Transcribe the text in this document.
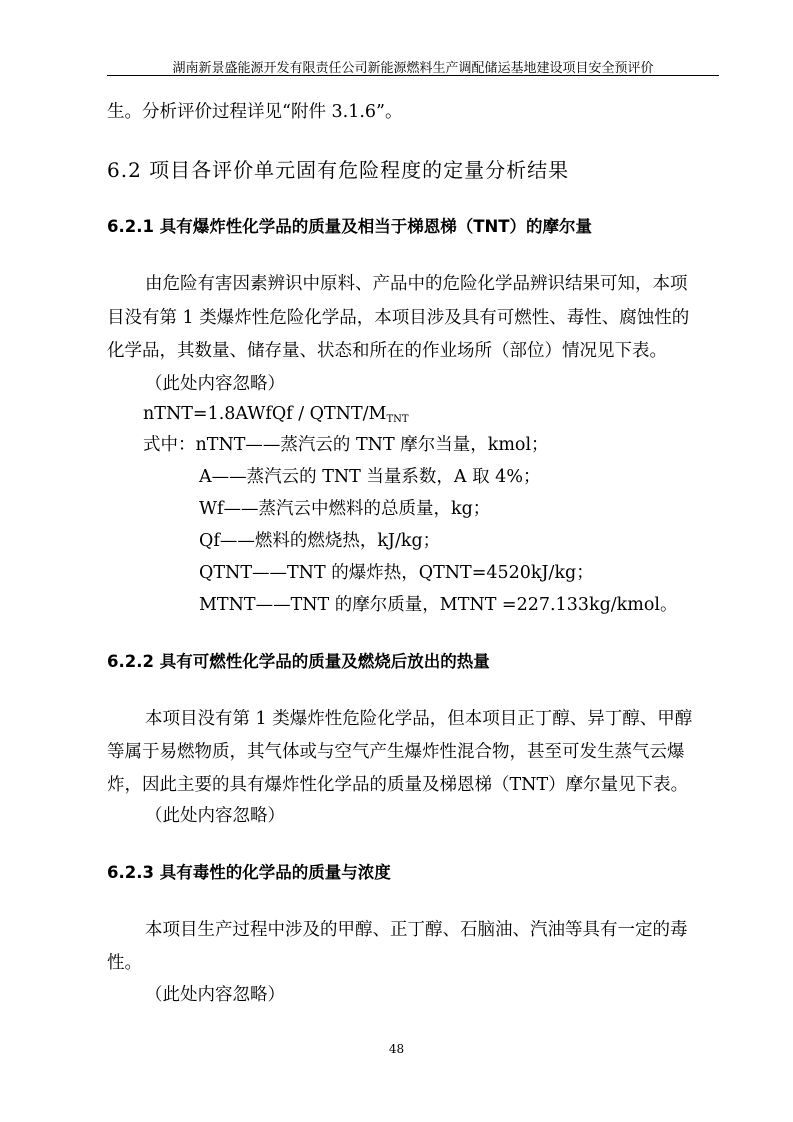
湖南新景盛能源开发有限责任公司新能源燃料生产调配储运基地建设项目安全预评价
生。分析评价过程详见“附件 3.1.6”。
6.2 项目各评价单元固有危险程度的定量分析结果
6.2.1 具有爆炸性化学品的质量及相当于梯恩梯（TNT）的摩尔量
由危险有害因素辨识中原料、产品中的危险化学品辨识结果可知，本项
目没有第 1 类爆炸性危险化学品，本项目涉及具有可燃性、毒性、腐蚀性的
化学品，其数量、储存量、状态和所在的作业场所（部位）情况见下表。
（此处内容忽略）
nTNT=1.8AWfQf / QTNT/$M_{TNT}$
式中：nTNT——蒸汽云的 TNT 摩尔当量，kmol；
A——蒸汽云的 TNT 当量系数，A 取 4%；
Wf——蒸汽云中燃料的总质量，kg；
Qf——燃料的燃烧热，kJ/kg；
QTNT——TNT 的爆炸热，QTNT=4520kJ/kg；
MTNT——TNT 的摩尔质量，MTNT =227.133kg/kmol。
6.2.2 具有可燃性化学品的质量及燃烧后放出的热量
本项目没有第 1 类爆炸性危险化学品，但本项目正丁醇、异丁醇、甲醇
等属于易燃物质，其气体或与空气产生爆炸性混合物，甚至可发生蒸气云爆
炸，因此主要的具有爆炸性化学品的质量及梯恩梯（TNT）摩尔量见下表。
（此处内容忽略）
6.2.3 具有毒性的化学品的质量与浓度
本项目生产过程中涉及的甲醇、正丁醇、石脑油、汽油等具有一定的毒
性。
（此处内容忽略）
48
